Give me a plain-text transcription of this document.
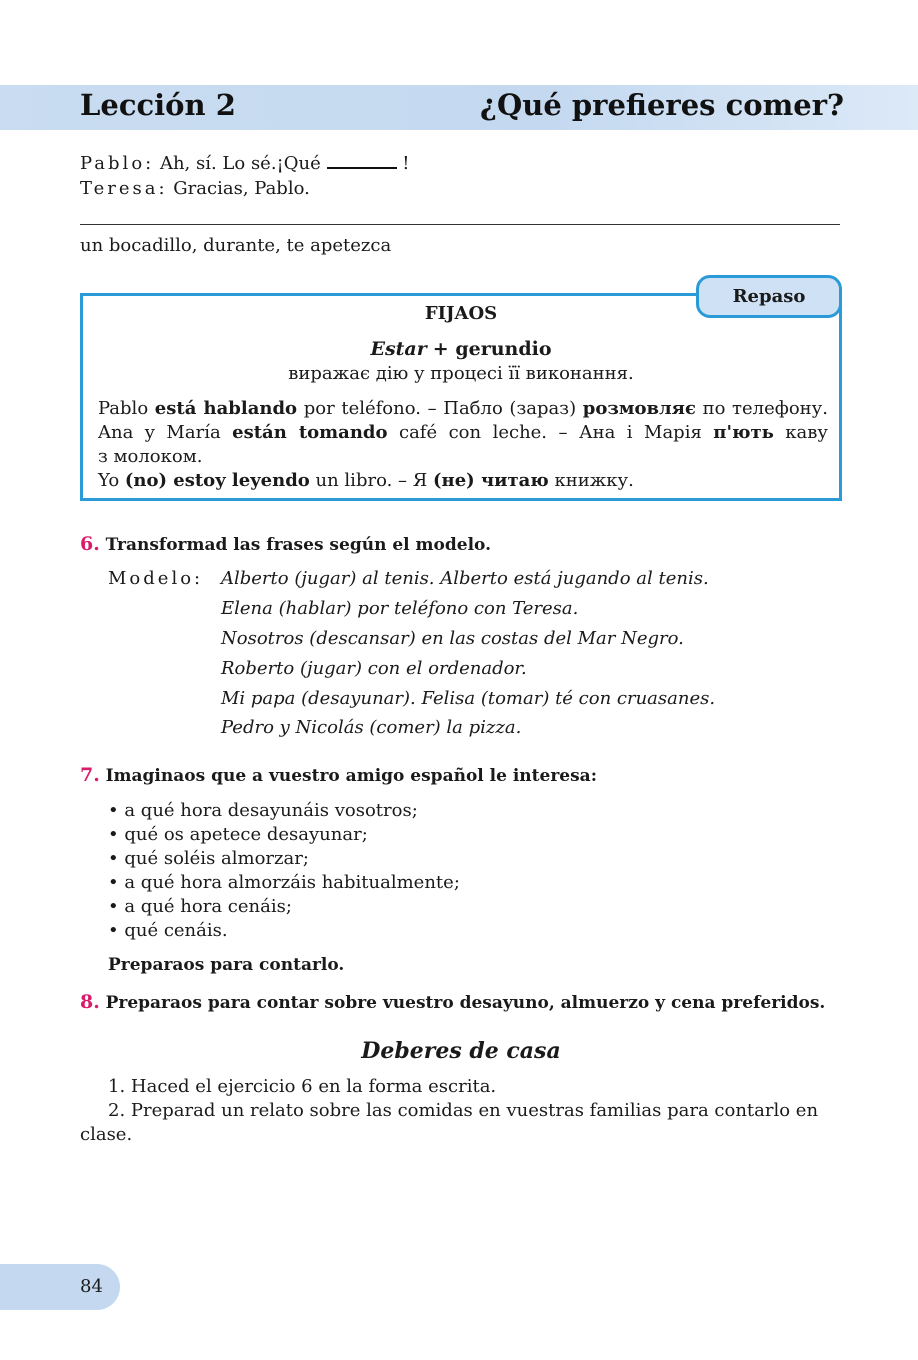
Lección 2	¿Qué prefieres comer?
Pablo: Ah, sí. Lo sé.¡Qué	!
Teresa: Gracias, Pablo.
un bocadillo, durante, te apetezca
Repaso
FIJAOS
Estar + gerundio
виражає дію у процесі її виконання.
Pablo está hablando por teléfono. – Пабло (зараз) розмовляє по телефону.
Ana y María están tomando café con leche. – Ана і Марія п'ють каву
з молоком.
Yo (no) estoy leyendo un libro. – Я (не) читаю книжку.
6. Transformad las frases según el modelo.
Modelo: Alberto (jugar) al tenis. Alberto está jugando al tenis.
Elena (hablar) por teléfono con Teresa.
Nosotros (descansar) en las costas del Mar Negro.
Roberto (jugar) con el ordenador.
Mi papa (desayunar). Felisa (tomar) té con cruasanes.
Pedro y Nicolás (comer) la pizza.
7. Imaginaos que a vuestro amigo español le interesa:
• a qué hora desayunáis vosotros;
• qué os apetece desayunar;
• qué soléis almorzar;
• a qué hora almorzáis habitualmente;
• a qué hora cenáis;
• qué cenáis.
Preparaos para contarlo.
8. Preparaos para contar sobre vuestro desayuno, almuerzo y cena preferidos.
Deberes de casa
1. Haced el ejercicio 6 en la forma escrita.
2. Preparad un relato sobre las comidas en vuestras familias para contarlo en
clase.
84
